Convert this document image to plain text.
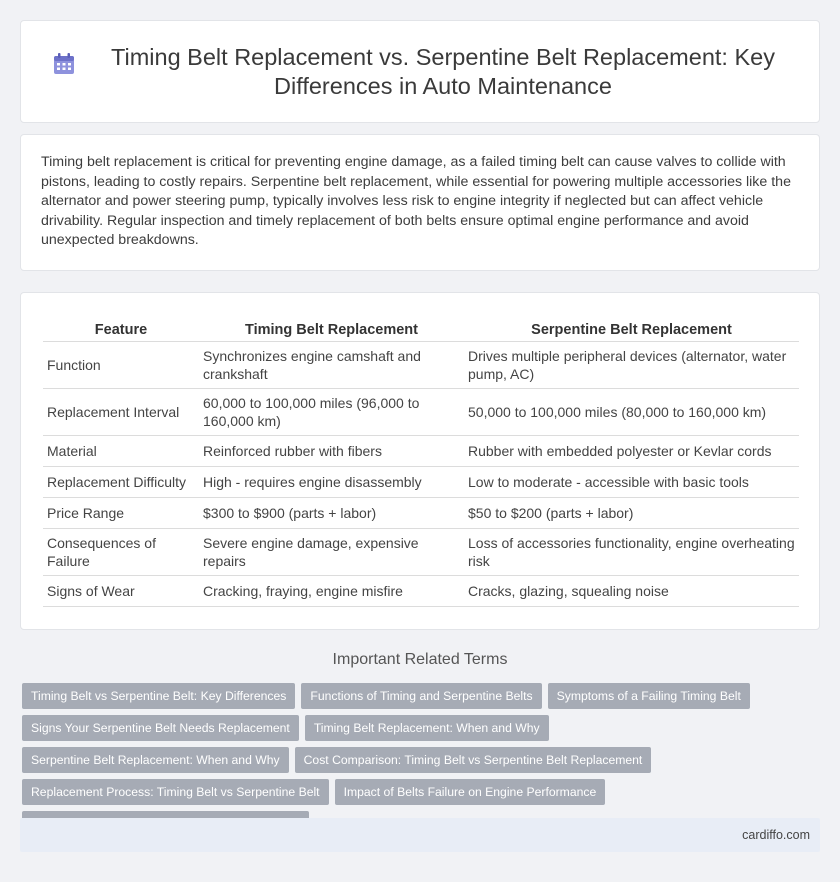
Timing Belt Replacement vs. Serpentine Belt Replacement: Key Differences in Auto Maintenance

Timing belt replacement is critical for preventing engine damage, as a failed timing belt can cause valves to collide with pistons, leading to costly repairs. Serpentine belt replacement, while essential for powering multiple accessories like the alternator and power steering pump, typically involves less risk to engine integrity if neglected but can affect vehicle drivability. Regular inspection and timely replacement of both belts ensure optimal engine performance and avoid unexpected breakdowns.

Feature	Timing Belt Replacement	Serpentine Belt Replacement
Function	Synchronizes engine camshaft and crankshaft	Drives multiple peripheral devices (alternator, water pump, AC)
Replacement Interval	60,000 to 100,000 miles (96,000 to 160,000 km)	50,000 to 100,000 miles (80,000 to 160,000 km)
Material	Reinforced rubber with fibers	Rubber with embedded polyester or Kevlar cords
Replacement Difficulty	High - requires engine disassembly	Low to moderate - accessible with basic tools
Price Range	$300 to $900 (parts + labor)	$50 to $200 (parts + labor)
Consequences of Failure	Severe engine damage, expensive repairs	Loss of accessories functionality, engine overheating risk
Signs of Wear	Cracking, fraying, engine misfire	Cracks, glazing, squealing noise
Important Related Terms
Timing Belt vs Serpentine Belt: Key Differences	Functions of Timing and Serpentine Belts	Symptoms of a Failing Timing Belt
Signs Your Serpentine Belt Needs Replacement	Timing Belt Replacement: When and Why
Serpentine Belt Replacement: When and Why	Cost Comparison: Timing Belt vs Serpentine Belt Replacement
Replacement Process: Timing Belt vs Serpentine Belt	Impact of Belts Failure on Engine Performance
cardiffo.com
